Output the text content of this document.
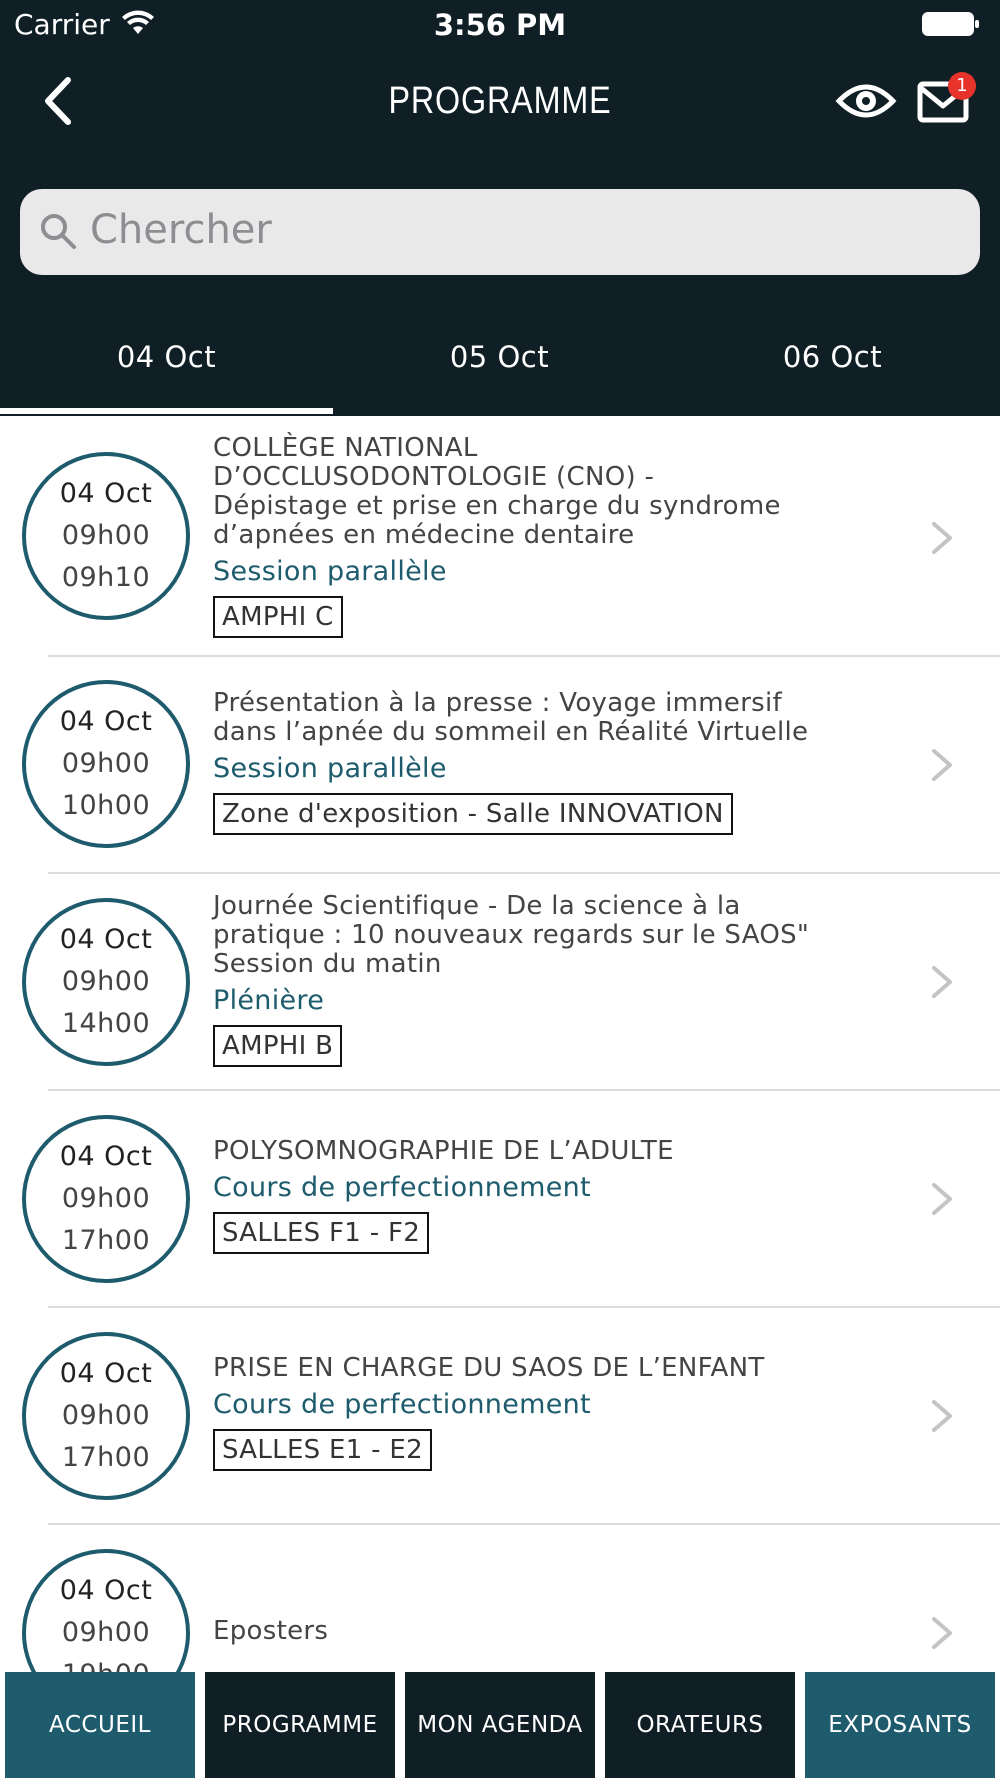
Carrier	3:56 PM
PROGRAMME	1
Chercher
04 Oct	05 Oct	06 Oct
04 Oct
09h00
09h10
COLLÈGE NATIONAL
D’OCCLUSODONTOLOGIE (CNO) -
Dépistage et prise en charge du syndrome
d’apnées en médecine dentaire
Session parallèle
AMPHI C
04 Oct
09h00
10h00
Présentation à la presse : Voyage immersif
dans l’apnée du sommeil en Réalité Virtuelle
Session parallèle
Zone d'exposition - Salle INNOVATION
04 Oct
09h00
14h00
Journée Scientifique - De la science à la
pratique : 10 nouveaux regards sur le SAOS"
Session du matin
Plénière
AMPHI B
04 Oct
09h00
17h00
POLYSOMNOGRAPHIE DE L’ADULTE
Cours de perfectionnement
SALLES F1 - F2
04 Oct
09h00
17h00
PRISE EN CHARGE DU SAOS DE L’ENFANT
Cours de perfectionnement
SALLES E1 - E2
04 Oct
09h00	Eposters
ACCUEIL	PROGRAMME	MON AGENDA	ORATEURS	EXPOSANTS
